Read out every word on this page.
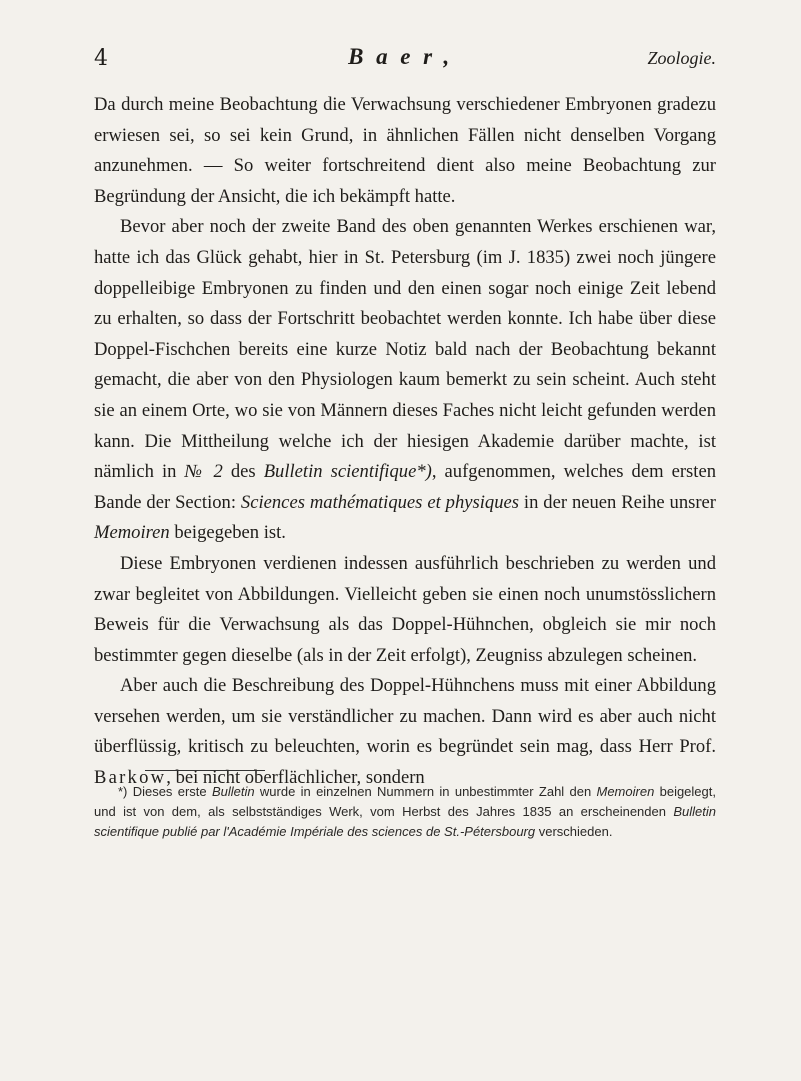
4	Baer,	Zoologie.

Da durch meine Beobachtung die Verwachsung verschiedener Embryonen gradezu erwiesen sei, so sei kein Grund, in ähnlichen Fällen nicht denselben Vorgang anzunehmen. — So weiter fortschreitend dient also meine Beobachtung zur Begründung der Ansicht, die ich bekämpft hatte.

Bevor aber noch der zweite Band des oben genannten Werkes erschienen war, hatte ich das Glück gehabt, hier in St. Petersburg (im J. 1835) zwei noch jüngere doppelleibige Embryonen zu finden und den einen sogar noch einige Zeit lebend zu erhalten, so dass der Fortschritt beobachtet werden konnte. Ich habe über diese Doppel-Fischchen bereits eine kurze Notiz bald nach der Beobachtung bekannt gemacht, die aber von den Physiologen kaum bemerkt zu sein scheint. Auch steht sie an einem Orte, wo sie von Männern dieses Faches nicht leicht gefunden werden kann. Die Mittheilung welche ich der hiesigen Akademie darüber machte, ist nämlich in № 2 des Bulletin scientifique*), aufgenommen, welches dem ersten Bande der Section: Sciences mathématiques et physiques in der neuen Reihe unsrer Memoiren beigegeben ist.

Diese Embryonen verdienen indessen ausführlich beschrieben zu werden und zwar begleitet von Abbildungen. Vielleicht geben sie einen noch unumstösslichern Beweis für die Verwachsung als das Doppel-Hühnchen, obgleich sie mir noch bestimmter gegen dieselbe (als in der Zeit erfolgt), Zeugniss abzulegen scheinen.

Aber auch die Beschreibung des Doppel-Hühnchens muss mit einer Abbildung versehen werden, um sie verständlicher zu machen. Dann wird es aber auch nicht überflüssig, kritisch zu beleuchten, worin es begründet sein mag, dass Herr Prof. Barkow, bei nicht oberflächlicher, sondern

*) Dieses erste Bulletin wurde in einzelnen Nummern in unbestimmter Zahl den Memoiren beigelegt, und ist von dem, als selbstständiges Werk, vom Herbst des Jahres 1835 an erscheinenden Bulletin scientifique publié par l'Académie Impériale des sciences de St.-Pétersbourg verschieden.
